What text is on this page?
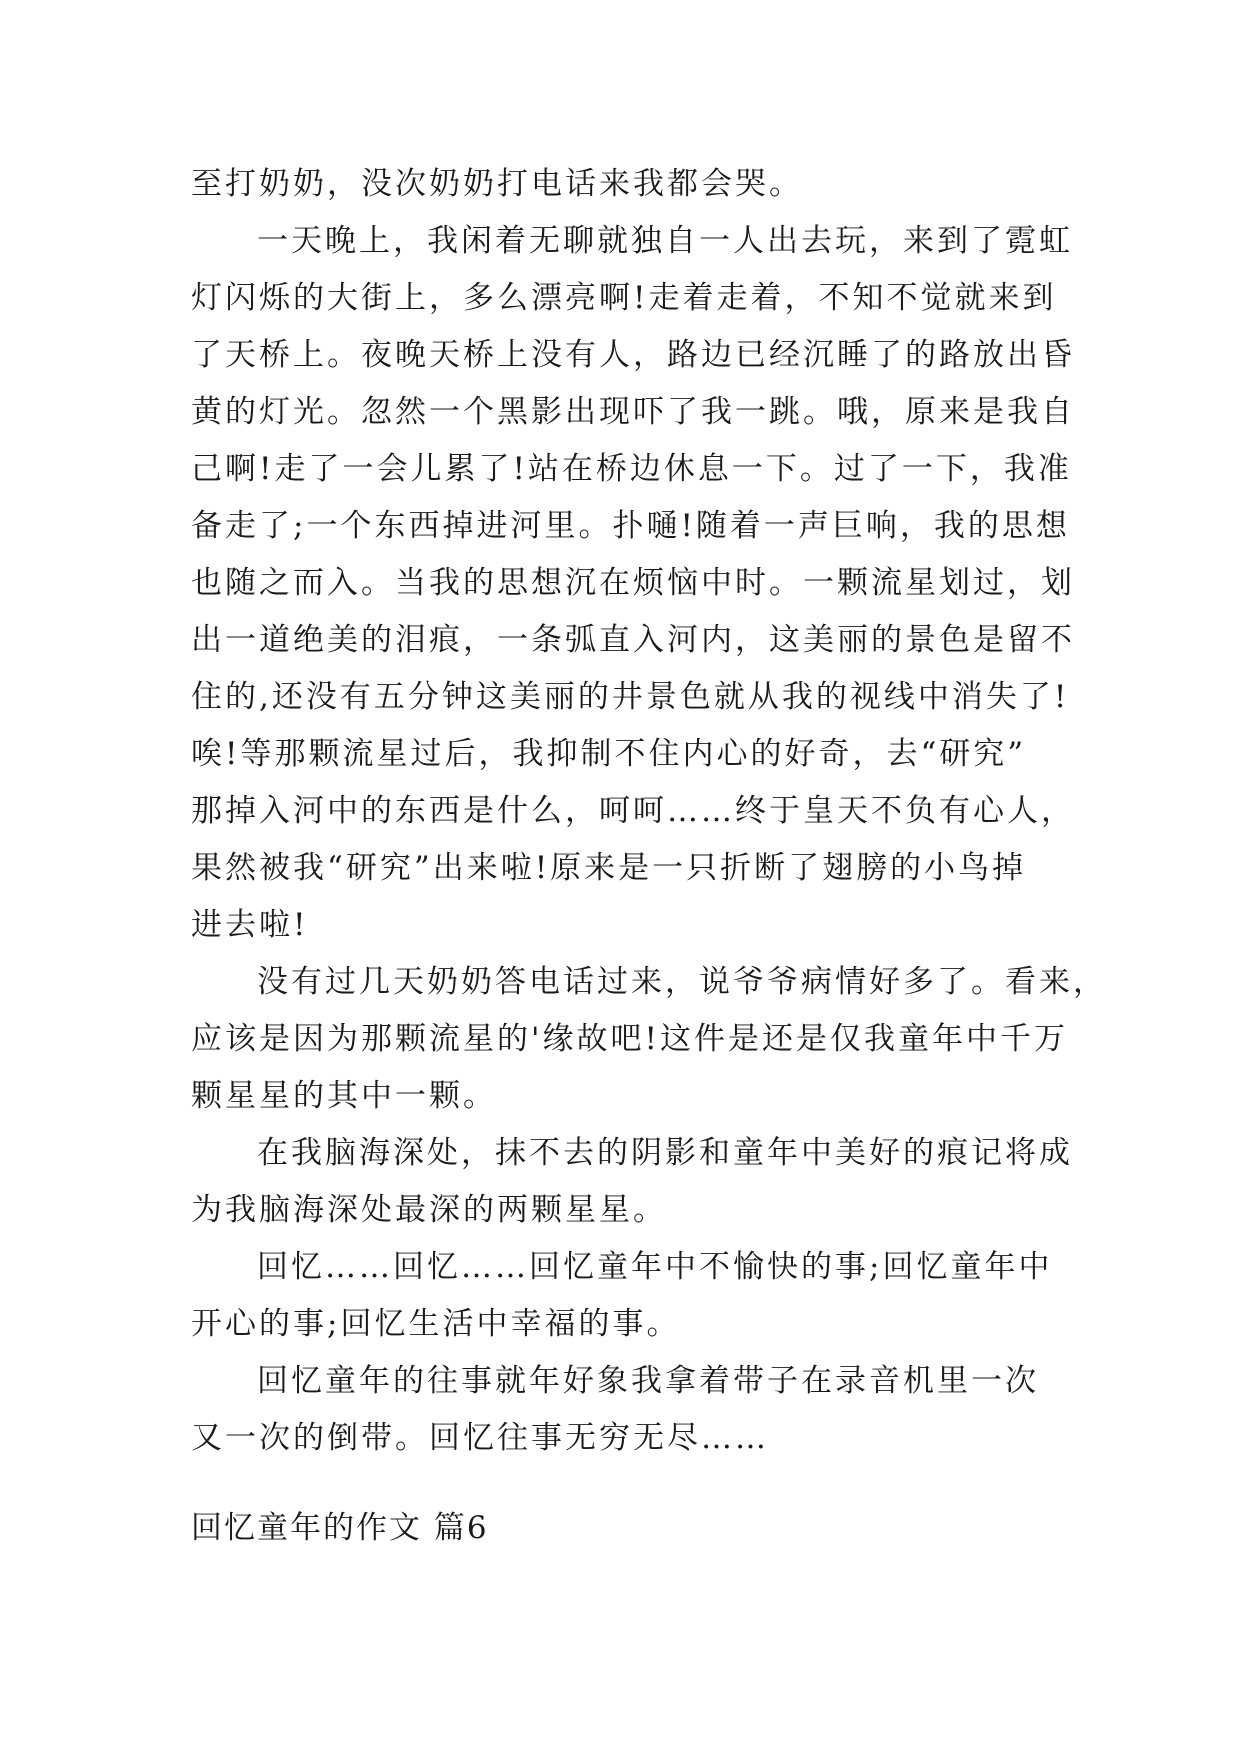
至打奶奶，没次奶奶打电话来我都会哭。
一天晚上，我闲着无聊就独自一人出去玩，来到了霓虹
灯闪烁的大街上，多么漂亮啊!走着走着，不知不觉就来到
了天桥上。夜晚天桥上没有人，路边已经沉睡了的路放出昏
黄的灯光。忽然一个黑影出现吓了我一跳。哦，原来是我自
己啊!走了一会儿累了!站在桥边休息一下。过了一下，我准
备走了;一个东西掉进河里。扑嗵!随着一声巨响，我的思想
也随之而入。当我的思想沉在烦恼中时。一颗流星划过，划
出一道绝美的泪痕，一条弧直入河内，这美丽的景色是留不
住的,还没有五分钟这美丽的井景色就从我的视线中消失了!
唉!等那颗流星过后，我抑制不住内心的好奇，去“研究”
那掉入河中的东西是什么，呵呵……终于皇天不负有心人，
果然被我“研究”出来啦!原来是一只折断了翅膀的小鸟掉
进去啦!
没有过几天奶奶答电话过来，说爷爷病情好多了。看来，
应该是因为那颗流星的'缘故吧!这件是还是仅我童年中千万
颗星星的其中一颗。
在我脑海深处，抹不去的阴影和童年中美好的痕记将成
为我脑海深处最深的两颗星星。
回忆……回忆……回忆童年中不愉快的事;回忆童年中
开心的事;回忆生活中幸福的事。
回忆童年的往事就年好象我拿着带子在录音机里一次
又一次的倒带。回忆往事无穷无尽……
回忆童年的作文 篇6
